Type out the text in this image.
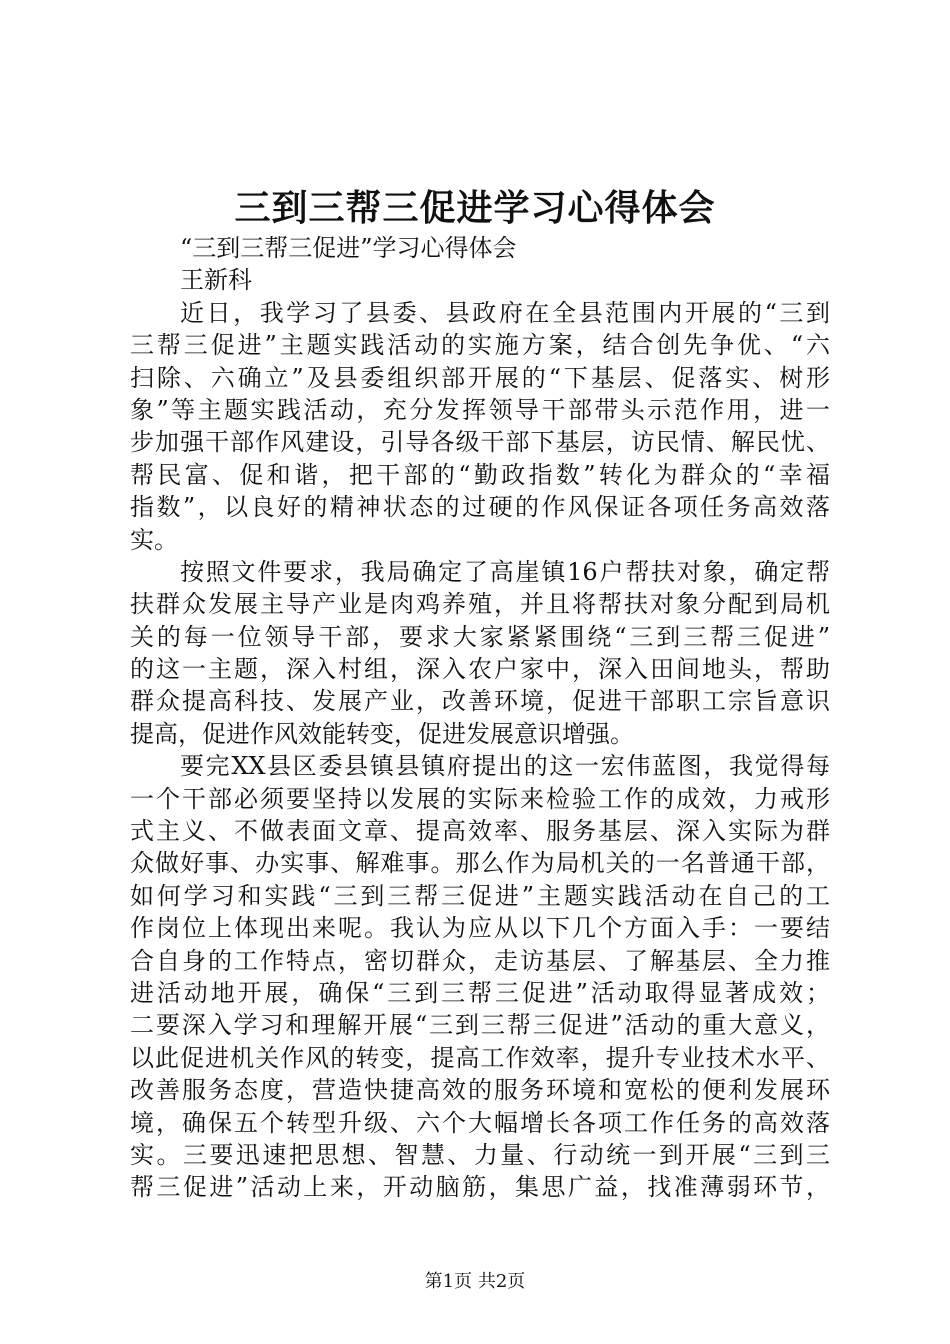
三到三帮三促进学习心得体会
“三到三帮三促进”学习心得体会
王新科
近日，我学习了县委、县政府在全县范围内开展的“三到
三帮三促进”主题实践活动的实施方案，结合创先争优、“六
扫除、六确立”及县委组织部开展的“下基层、促落实、树形
象”等主题实践活动，充分发挥领导干部带头示范作用，进一
步加强干部作风建设，引导各级干部下基层，访民情、解民忧、
帮民富、促和谐，把干部的“勤政指数”转化为群众的“幸福
指数”，以良好的精神状态的过硬的作风保证各项任务高效落
实。
按照文件要求，我局确定了高崖镇16户帮扶对象，确定帮
扶群众发展主导产业是肉鸡养殖，并且将帮扶对象分配到局机
关的每一位领导干部，要求大家紧紧围绕“三到三帮三促进”
的这一主题，深入村组，深入农户家中，深入田间地头，帮助
群众提高科技、发展产业，改善环境，促进干部职工宗旨意识
提高，促进作风效能转变，促进发展意识增强。
要完XX县区委县镇县镇府提出的这一宏伟蓝图，我觉得每
一个干部必须要坚持以发展的实际来检验工作的成效，力戒形
式主义、不做表面文章、提高效率、服务基层、深入实际为群
众做好事、办实事、解难事。那么作为局机关的一名普通干部，
如何学习和实践“三到三帮三促进”主题实践活动在自己的工
作岗位上体现出来呢。我认为应从以下几个方面入手：一要结
合自身的工作特点，密切群众，走访基层、了解基层、全力推
进活动地开展，确保“三到三帮三促进”活动取得显著成效；
二要深入学习和理解开展“三到三帮三促进”活动的重大意义，
以此促进机关作风的转变，提高工作效率，提升专业技术水平、
改善服务态度，营造快捷高效的服务环境和宽松的便利发展环
境，确保五个转型升级、六个大幅增长各项工作任务的高效落
实。三要迅速把思想、智慧、力量、行动统一到开展“三到三
帮三促进”活动上来，开动脑筋，集思广益，找准薄弱环节，
第1页 共2页
